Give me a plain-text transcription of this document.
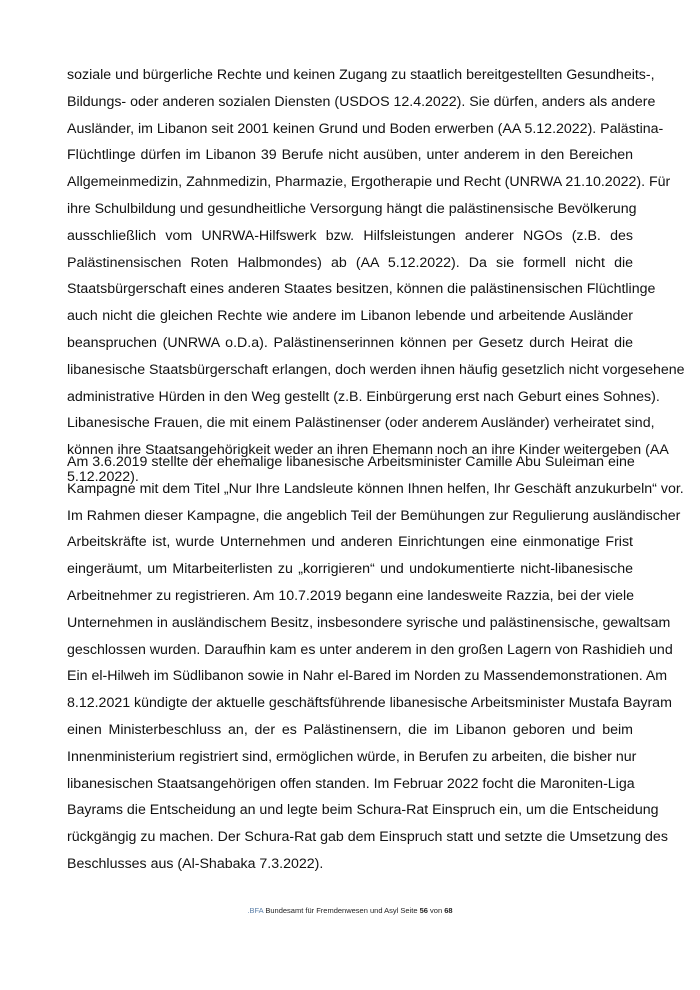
soziale und bürgerliche Rechte und keinen Zugang zu staatlich bereitgestellten Gesundheits-,
Bildungs- oder anderen sozialen Diensten (USDOS 12.4.2022). Sie dürfen, anders als andere
Ausländer, im Libanon seit 2001 keinen Grund und Boden erwerben (AA 5.12.2022). Palästina-
Flüchtlinge dürfen im Libanon 39 Berufe nicht ausüben, unter anderem in den Bereichen
Allgemeinmedizin, Zahnmedizin, Pharmazie, Ergotherapie und Recht (UNRWA 21.10.2022). Für
ihre Schulbildung und gesundheitliche Versorgung hängt die palästinensische Bevölkerung
ausschließlich vom UNRWA-Hilfswerk bzw. Hilfsleistungen anderer NGOs (z.B. des
Palästinensischen Roten Halbmondes) ab (AA 5.12.2022). Da sie formell nicht die
Staatsbürgerschaft eines anderen Staates besitzen, können die palästinensischen Flüchtlinge
auch nicht die gleichen Rechte wie andere im Libanon lebende und arbeitende Ausländer
beanspruchen (UNRWA o.D.a). Palästinenserinnen können per Gesetz durch Heirat die
libanesische Staatsbürgerschaft erlangen, doch werden ihnen häufig gesetzlich nicht vorgesehene
administrative Hürden in den Weg gestellt (z.B. Einbürgerung erst nach Geburt eines Sohnes).
Libanesische Frauen, die mit einem Palästinenser (oder anderem Ausländer) verheiratet sind,
können ihre Staatsangehörigkeit weder an ihren Ehemann noch an ihre Kinder weitergeben (AA
5.12.2022).
Am 3.6.2019 stellte der ehemalige libanesische Arbeitsminister Camille Abu Suleiman eine
Kampagne mit dem Titel „Nur Ihre Landsleute können Ihnen helfen, Ihr Geschäft anzukurbeln“ vor.
Im Rahmen dieser Kampagne, die angeblich Teil der Bemühungen zur Regulierung ausländischer
Arbeitskräfte ist, wurde Unternehmen und anderen Einrichtungen eine einmonatige Frist
eingeräumt, um Mitarbeiterlisten zu „korrigieren“ und undokumentierte nicht-libanesische
Arbeitnehmer zu registrieren. Am 10.7.2019 begann eine landesweite Razzia, bei der viele
Unternehmen in ausländischem Besitz, insbesondere syrische und palästinensische, gewaltsam
geschlossen wurden. Daraufhin kam es unter anderem in den großen Lagern von Rashidieh und
Ein el-Hilweh im Südlibanon sowie in Nahr el-Bared im Norden zu Massendemonstrationen. Am
8.12.2021 kündigte der aktuelle geschäftsführende libanesische Arbeitsminister Mustafa Bayram
einen Ministerbeschluss an, der es Palästinensern, die im Libanon geboren und beim
Innenministerium registriert sind, ermöglichen würde, in Berufen zu arbeiten, die bisher nur
libanesischen Staatsangehörigen offen standen. Im Februar 2022 focht die Maroniten-Liga
Bayrams die Entscheidung an und legte beim Schura-Rat Einspruch ein, um die Entscheidung
rückgängig zu machen. Der Schura-Rat gab dem Einspruch statt und setzte die Umsetzung des
Beschlusses aus (Al-Shabaka 7.3.2022).
.BFA Bundesamt für Fremdenwesen und Asyl Seite 56 von 68
